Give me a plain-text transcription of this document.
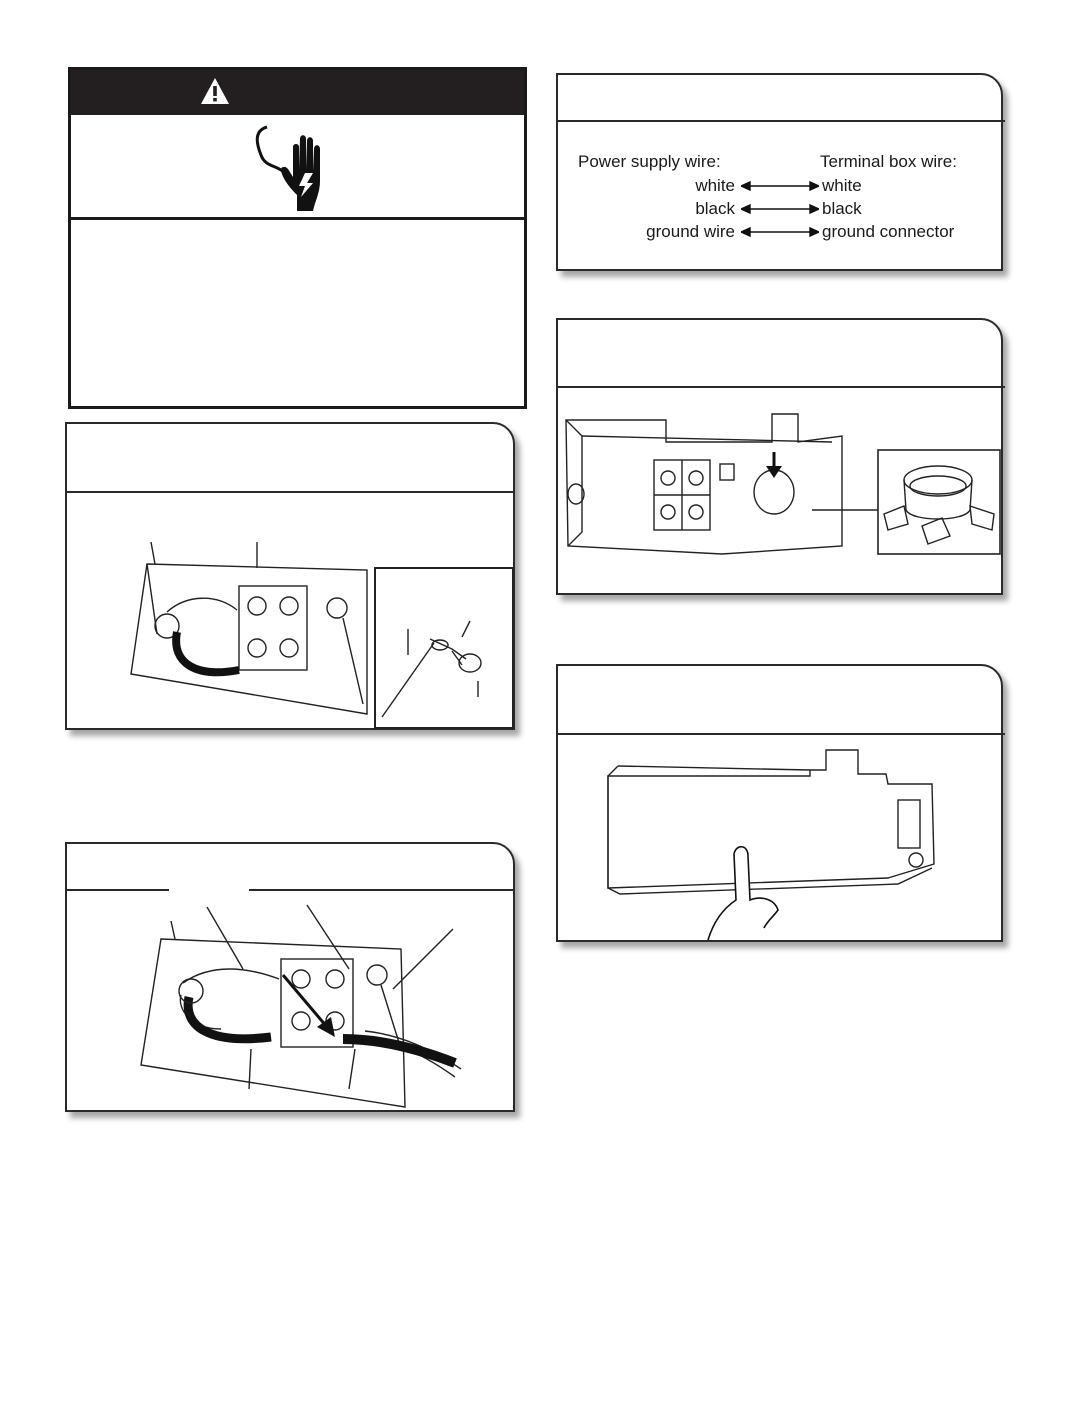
Power supply wire:	Terminal box wire:
white	white
black	black
ground wire	ground connector
